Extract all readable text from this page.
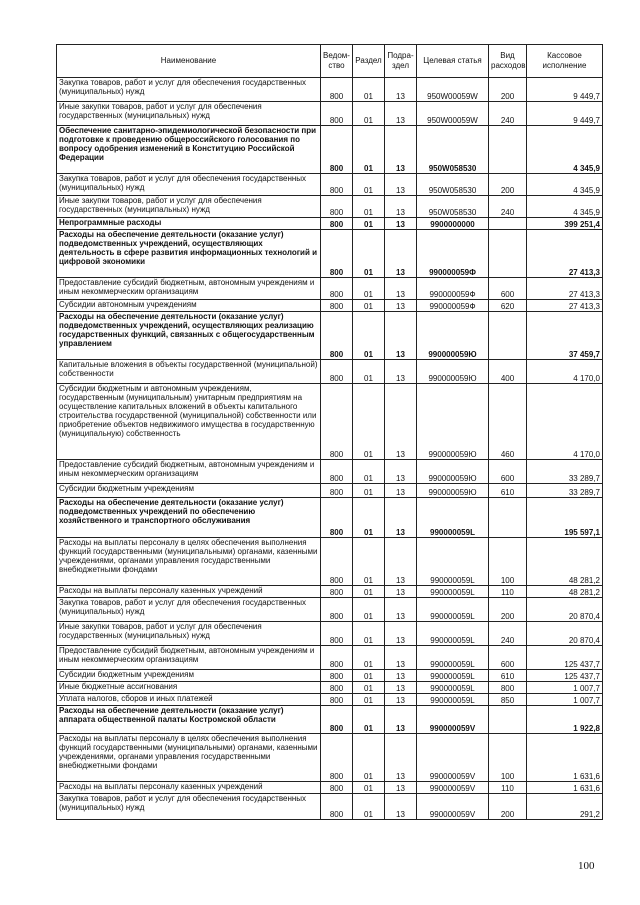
Наименование	Ведом-ство	Раздел	Подра-здел	Целевая статья	Вид расходов	Кассовое исполнение
Закупка товаров, работ и услуг для обеспечения государственных (муниципальных) нужд	800	01	13	950W00059W	200	9 449,7
Иные закупки товаров, работ и услуг для обеспечения государственных (муниципальных) нужд	800	01	13	950W00059W	240	9 449,7
Обеспечение санитарно-эпидемиологической безопасности при подготовке к проведению общероссийского голосования по вопросу одобрения изменений в Конституцию Российской Федерации	800	01	13	950W058530		4 345,9
Закупка товаров, работ и услуг для обеспечения государственных (муниципальных) нужд	800	01	13	950W058530	200	4 345,9
Иные закупки товаров, работ и услуг для обеспечения государственных (муниципальных) нужд	800	01	13	950W058530	240	4 345,9
Непрограммные расходы	800	01	13	9900000000		399 251,4
Расходы на обеспечение деятельности (оказание услуг) подведомственных учреждений, осуществляющих деятельность в сфере развития информационных технологий и цифровой экономики	800	01	13	990000059Ф		27 413,3
Предоставление субсидий бюджетным, автономным учреждениям и иным некоммерческим организациям	800	01	13	990000059Ф	600	27 413,3
Субсидии автономным учреждениям	800	01	13	990000059Ф	620	27 413,3
Расходы на обеспечение деятельности (оказание услуг) подведомственных учреждений, осуществляющих реализацию государственных функций, связанных с общегосударственным управлением	800	01	13	990000059Ю		37 459,7
Капитальные вложения в объекты государственной (муниципальной) собственности	800	01	13	990000059Ю	400	4 170,0
Субсидии бюджетным и автономным учреждениям, государственным (муниципальным) унитарным предприятиям на осуществление капитальных вложений в объекты капитального строительства государственной (муниципальной) собственности или приобретение объектов недвижимого имущества в государственную (муниципальную) собственность	800	01	13	990000059Ю	460	4 170,0
Предоставление субсидий бюджетным, автономным учреждениям и иным некоммерческим организациям	800	01	13	990000059Ю	600	33 289,7
Субсидии бюджетным учреждениям	800	01	13	990000059Ю	610	33 289,7
Расходы на обеспечение деятельности (оказание услуг) подведомственных учреждений по обеспечению хозяйственного и транспортного обслуживания	800	01	13	990000059L		195 597,1
Расходы на выплаты персоналу в целях обеспечения выполнения функций государственными (муниципальными) органами, казенными учреждениями, органами управления государственными внебюджетными фондами	800	01	13	990000059L	100	48 281,2
Расходы на выплаты персоналу казенных учреждений	800	01	13	990000059L	110	48 281,2
Закупка товаров, работ и услуг для обеспечения государственных (муниципальных) нужд	800	01	13	990000059L	200	20 870,4
Иные закупки товаров, работ и услуг для обеспечения государственных (муниципальных) нужд	800	01	13	990000059L	240	20 870,4
Предоставление субсидий бюджетным, автономным учреждениям и иным некоммерческим организациям	800	01	13	990000059L	600	125 437,7
Субсидии бюджетным учреждениям	800	01	13	990000059L	610	125 437,7
Иные бюджетные ассигнования	800	01	13	990000059L	800	1 007,7
Уплата налогов, сборов и иных платежей	800	01	13	990000059L	850	1 007,7
Расходы на обеспечение деятельности (оказание услуг) аппарата общественной палаты Костромской области	800	01	13	990000059V		1 922,8
Расходы на выплаты персоналу в целях обеспечения выполнения функций государственными (муниципальными) органами, казенными учреждениями, органами управления государственными внебюджетными фондами	800	01	13	990000059V	100	1 631,6
Расходы на выплаты персоналу казенных учреждений	800	01	13	990000059V	110	1 631,6
Закупка товаров, работ и услуг для обеспечения государственных (муниципальных) нужд	800	01	13	990000059V	200	291,2
100
